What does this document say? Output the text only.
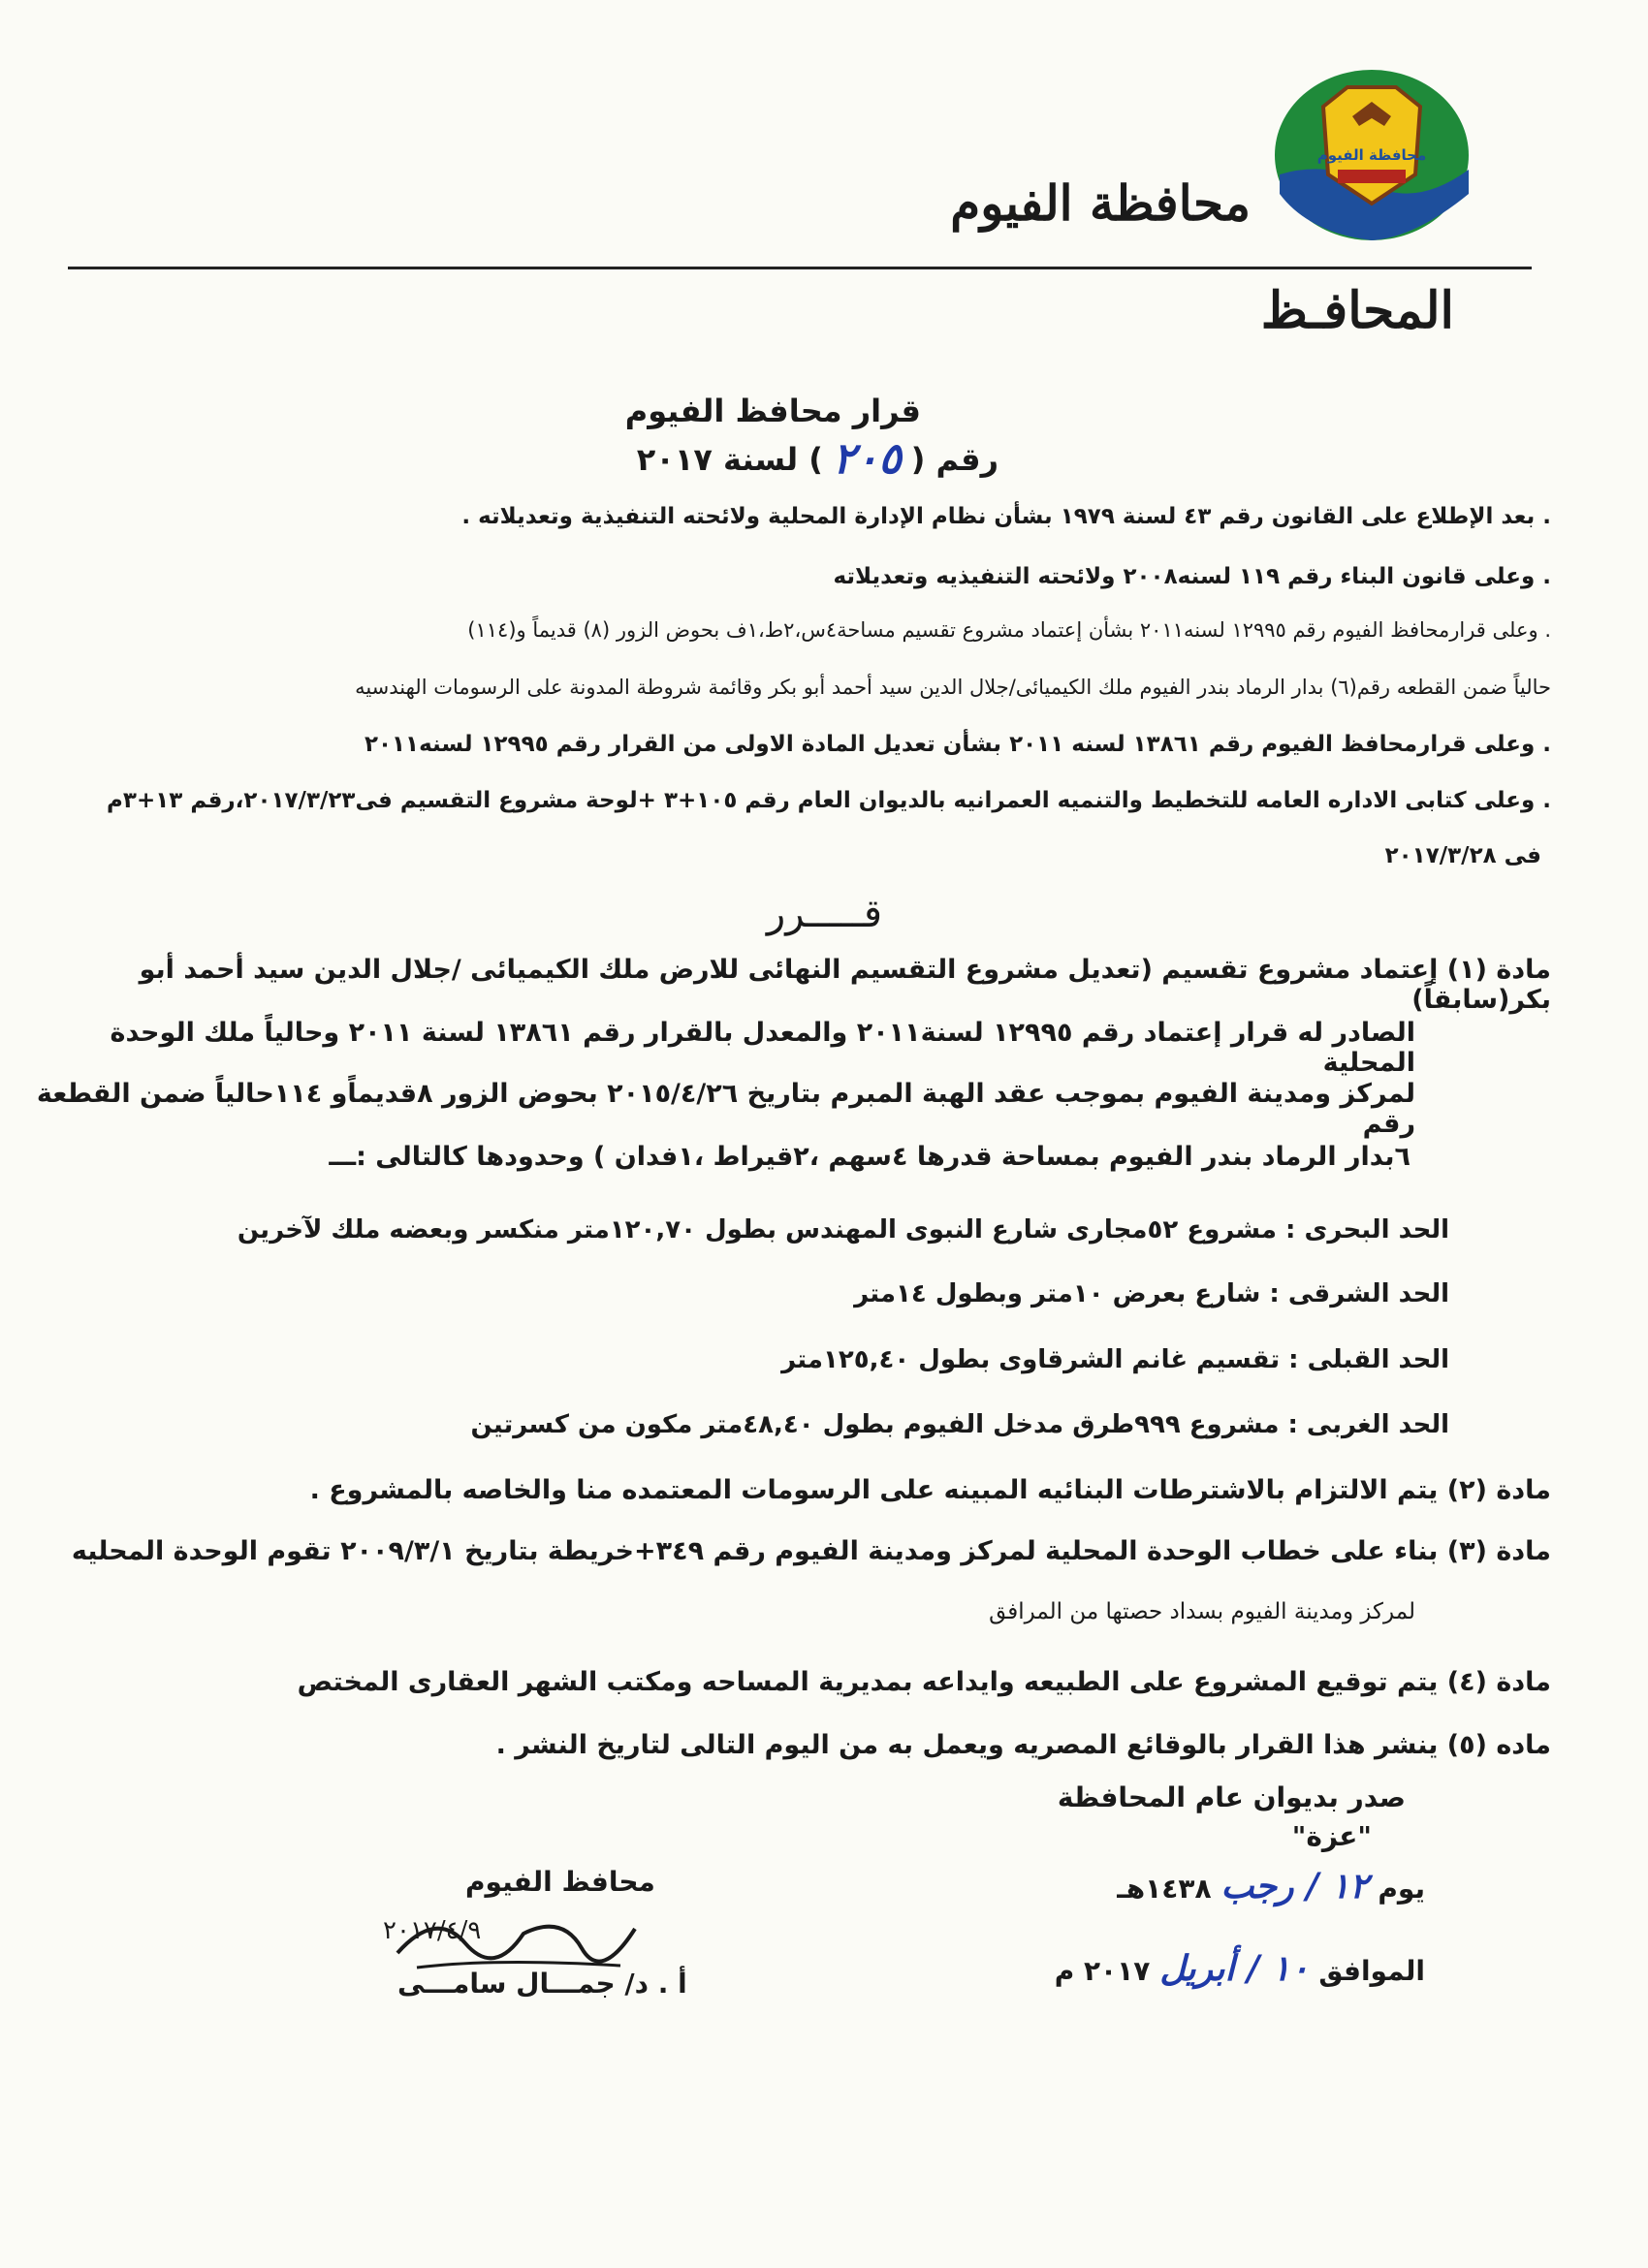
محافظة الفيوم
محافظة الفيوم
المحافـظ
قرار محافظ الفيوم
رقم (
٢٠٥
) لسنة ٢٠١٧
. بعد الإطلاع على القانون رقم ٤٣ لسنة ١٩٧٩ بشأن نظام الإدارة المحلية ولائحته التنفيذية وتعديلاته .
. وعلى قانون البناء رقم ١١٩ لسنه٢٠٠٨ ولائحته التنفيذيه وتعديلاته
. وعلى قرارمحافظ الفيوم رقم ١٢٩٩٥ لسنه٢٠١١ بشأن إعتماد مشروع تقسيم مساحة٤س،٢ط،١ف بحوض الزور (٨) قديماً و(١١٤)
حالياً ضمن القطعه رقم(٦) بدار الرماد بندر الفيوم ملك الكيميائى/جلال الدين سيد أحمد أبو بكر وقائمة شروطة المدونة على الرسومات الهندسيه
. وعلى قرارمحافظ الفيوم رقم ١٣٨٦١ لسنه ٢٠١١ بشأن تعديل المادة الاولى من القرار رقم ١٢٩٩٥ لسنه٢٠١١
. وعلى كتابى الاداره العامه للتخطيط والتنميه العمرانيه بالديوان العام رقم ١٠٥+٣ +لوحة مشروع التقسيم فى٢٠١٧/٣/٢٣،رقم ١٣+٣م
فى ٢٠١٧/٣/٢٨
قـــــرر
مادة (١) إعتماد مشروع تقسيم (تعديل مشروع التقسيم النهائى للارض ملك الكيميائى /جلال الدين سيد أحمد أبو بكر(سابقاً)
الصادر له قرار إعتماد رقم ١٢٩٩٥ لسنة٢٠١١ والمعدل بالقرار رقم ١٣٨٦١ لسنة ٢٠١١ وحالياً ملك الوحدة المحلية
لمركز ومدينة الفيوم بموجب عقد الهبة المبرم بتاريخ ٢٠١٥/٤/٢٦ بحوض الزور ٨قديماًو ١١٤حالياً ضمن القطعة رقم
٦بدار الرماد بندر الفيوم بمساحة قدرها ٤سهم ،٢قيراط ،١فدان ) وحدودها كالتالى :ـــ
الحد البحرى : مشروع ٥٢مجارى شارع النبوى المهندس بطول ١٢٠,٧٠متر منكسر وبعضه ملك لآخرين
الحد الشرقى : شارع بعرض ١٠متر وبطول ١٤متر
الحد القبلى : تقسيم غانم الشرقاوى بطول ١٢٥,٤٠متر
الحد الغربى : مشروع ٩٩٩طرق مدخل الفيوم بطول ٤٨,٤٠متر مكون من كسرتين
مادة (٢) يتم الالتزام بالاشترطات البنائيه المبينه على الرسومات المعتمده منا والخاصه بالمشروع .
مادة (٣) بناء على خطاب الوحدة المحلية لمركز ومدينة الفيوم رقم ٣٤٩+خريطة بتاريخ ٢٠٠٩/٣/١ تقوم الوحدة المحليه
لمركز ومدينة الفيوم بسداد حصتها من المرافق
مادة (٤) يتم توقيع المشروع على الطبيعه وايداعه بمديرية المساحه ومكتب الشهر العقارى المختص
ماده (٥) ينشر هذا القرار بالوقائع المصريه ويعمل به من اليوم التالى لتاريخ النشر .
صدر بديوان عام المحافظة
"عزة"
يوم
١٢ / رجب
١٤٣٨هـ
الموافق
١٠ / أبريل
٢٠١٧ م
محافظ الفيوم
٢٠١٧/٤/٩
أ . د/ جمـــال سامـــى
